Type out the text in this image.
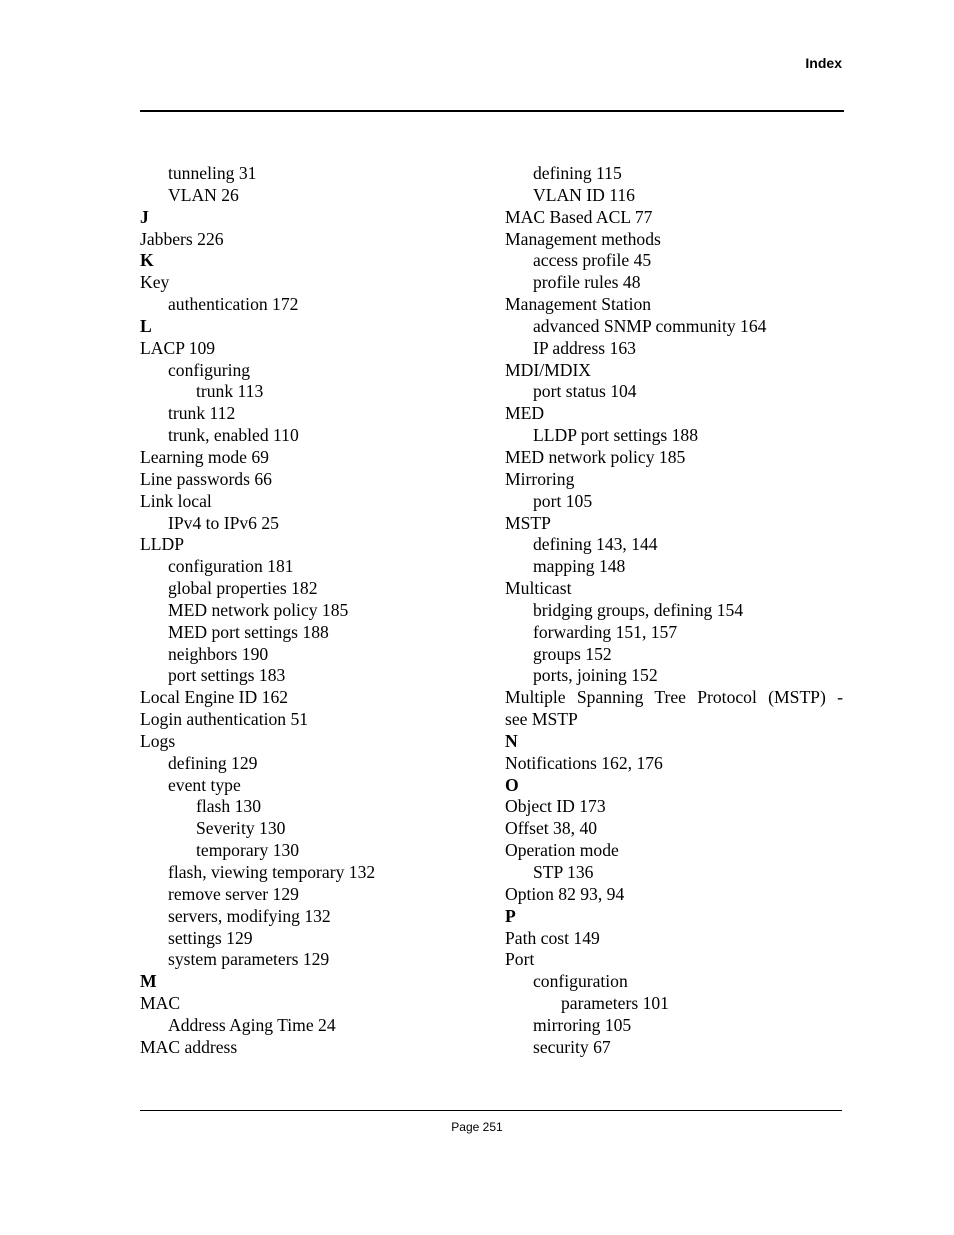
Index
tunneling 31
VLAN 26
J
Jabbers 226
K
Key
authentication 172
L
LACP 109
configuring
trunk 113
trunk 112
trunk, enabled 110
Learning mode 69
Line passwords 66
Link local
IPv4 to IPv6 25
LLDP
configuration 181
global properties 182
MED network policy 185
MED port settings 188
neighbors 190
port settings 183
Local Engine ID 162
Login authentication 51
Logs
defining 129
event type
flash 130
Severity 130
temporary 130
flash, viewing temporary 132
remove server 129
servers, modifying 132
settings 129
system parameters 129
M
MAC
Address Aging Time 24
MAC address
defining 115
VLAN ID 116
MAC Based ACL 77
Management methods
access profile 45
profile rules 48
Management Station
advanced SNMP community 164
IP address 163
MDI/MDIX
port status 104
MED
LLDP port settings 188
MED network policy 185
Mirroring
port 105
MSTP
defining 143, 144
mapping 148
Multicast
bridging groups, defining 154
forwarding 151, 157
groups 152
ports, joining 152
Multiple Spanning Tree Protocol (MSTP) -
see MSTP
N
Notifications 162, 176
O
Object ID 173
Offset 38, 40
Operation mode
STP 136
Option 82 93, 94
P
Path cost 149
Port
configuration
parameters 101
mirroring 105
security 67
Page 251
